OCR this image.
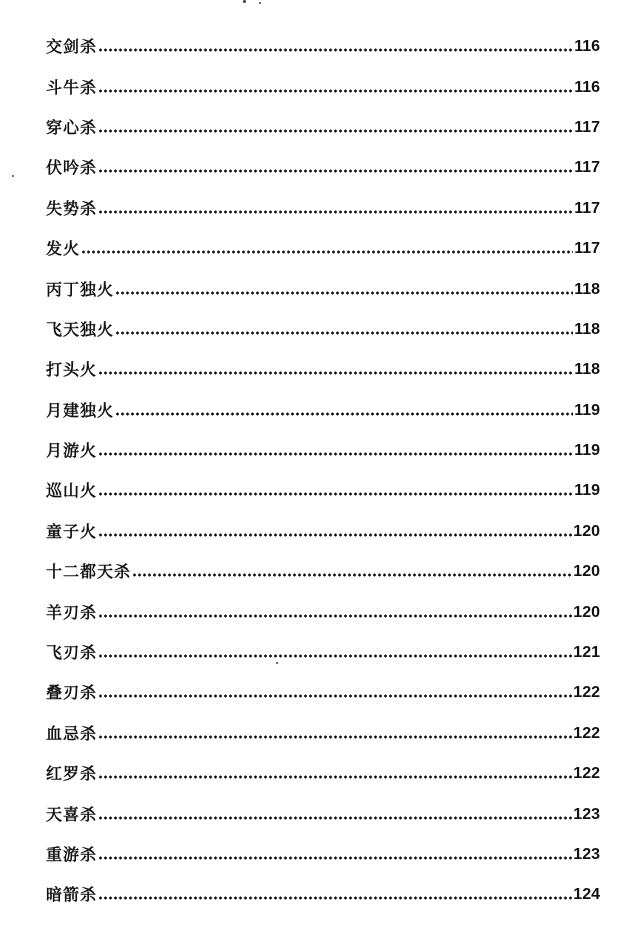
交剑杀	116
斗牛杀	116
穿心杀	117
伏吟杀	117
失势杀	117
发火	117
丙丁独火	118
飞天独火	118
打头火	118
月建独火	119
月游火	119
巡山火	119
童子火	120
十二都天杀	120
羊刃杀	120
飞刃杀	121
叠刃杀	122
血忌杀	122
红罗杀	122
天喜杀	123
重游杀	123
暗箭杀	124
